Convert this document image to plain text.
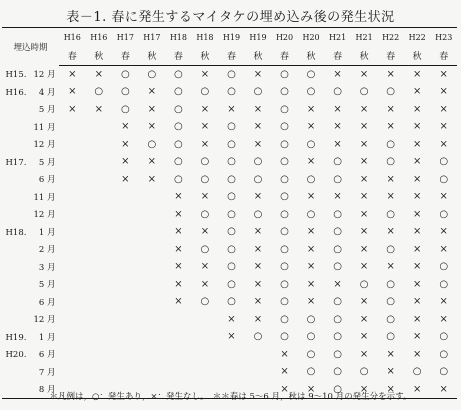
表－1. 春に発生するマイタケの埋め込み後の発生状況
埋込時期	H16	H16	H17	H17	H18	H18	H19	H19	H20	H20	H21	H21	H22	H22	H23
	春	秋	春	秋	春	秋	春	秋	春	秋	春	秋	春	秋	春
H15. 12 月	×	×	○	○	○	×	○	×	○	○	×	×	×	×	×
H16. 4 月	×	○	○	×	○	○	○	○	○	○	○	○	○	×	×
5 月	×	×	○	×	○	×	×	×	○	×	×	×	×	×	×
11 月			×	×	○	×	○	×	○	×	×	×	×	×	×
12 月			×	○	○	×	○	×	○	○	×	×	○	×	×
H17. 5 月			×	×	○	○	○	○	○	×	○	×	○	×	○
6 月			×	×	○	○	○	○	○	○	○	×	×	×	○
11 月					×	×	○	×	○	×	×	×	×	×	×
12 月					×	○	○	○	○	○	○	×	○	×	○
H18. 1 月					×	×	○	×	○	×	○	×	×	×	×
2 月					×	○	○	×	○	×	○	×	○	×	×
3 月					×	×	○	×	○	×	○	×	×	×	○
5 月					×	×	○	×	○	×	×	○	○	×	○
6 月					×	○	○	×	○	×	○	×	○	×	×
12 月							×	×	○	○	○	×	○	×	×
H19. 1 月							×	○	○	○	○	×	○	×	○
H20. 6 月									×	○	○	×	×	×	○
7 月									×	○	○	○	×	○	○
8 月									×	×	○	×	×	×	×
＊凡例は，○：発生あり，×：発生なし。　＊＊春は 5～6 月，秋は 9～10 月の発生分を示す。
